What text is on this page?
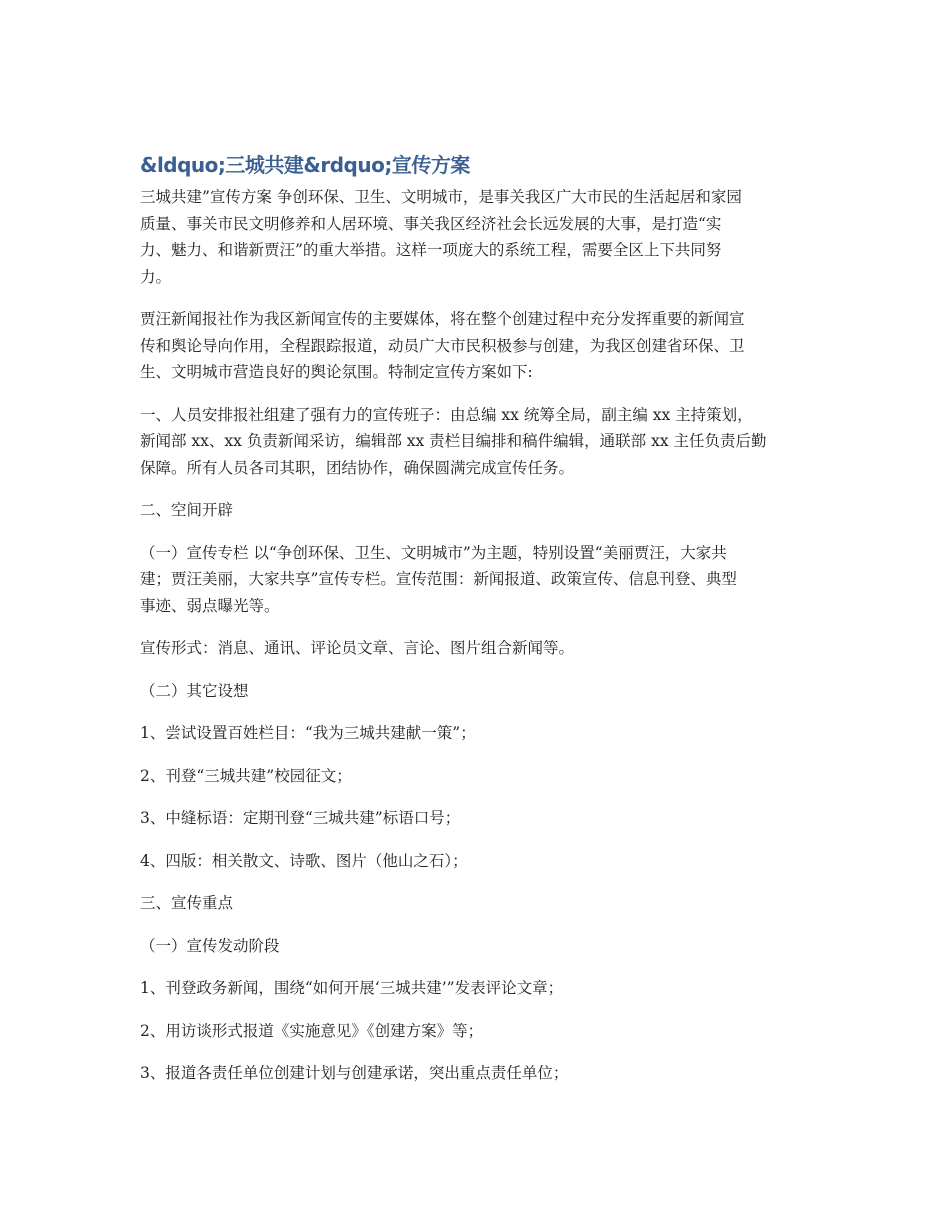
&ldquo;三城共建&rdquo;宣传方案
三城共建”宣传方案 争创环保、卫生、文明城市，是事关我区广大市民的生活起居和家园
质量、事关市民文明修养和人居环境、事关我区经济社会长远发展的大事，是打造“实
力、魅力、和谐新贾汪”的重大举措。这样一项庞大的系统工程，需要全区上下共同努
力。
贾汪新闻报社作为我区新闻宣传的主要媒体，将在整个创建过程中充分发挥重要的新闻宣
传和舆论导向作用，全程跟踪报道，动员广大市民积极参与创建，为我区创建省环保、卫
生、文明城市营造良好的舆论氛围。特制定宣传方案如下:
一、人员安排报社组建了强有力的宣传班子：由总编 xx 统筹全局，副主编 xx 主持策划，
新闻部 xx、xx 负责新闻采访，编辑部 xx 责栏目编排和稿件编辑，通联部 xx 主任负责后勤
保障。所有人员各司其职，团结协作，确保圆满完成宣传任务。
二、空间开辟
（一）宣传专栏 以“争创环保、卫生、文明城市”为主题，特别设置“美丽贾汪，大家共
建；贾汪美丽，大家共享”宣传专栏。宣传范围：新闻报道、政策宣传、信息刊登、典型
事迹、弱点曝光等。
宣传形式：消息、通讯、评论员文章、言论、图片组合新闻等。
（二）其它设想
1、尝试设置百姓栏目：“我为三城共建献一策”；
2、刊登“三城共建”校园征文；
3、中缝标语：定期刊登“三城共建”标语口号；
4、四版：相关散文、诗歌、图片（他山之石）；
三、宣传重点
（一）宣传发动阶段
1、刊登政务新闻，围绕“如何开展‘三城共建’”发表评论文章；
2、用访谈形式报道《实施意见》《创建方案》等；
3、报道各责任单位创建计划与创建承诺，突出重点责任单位；
